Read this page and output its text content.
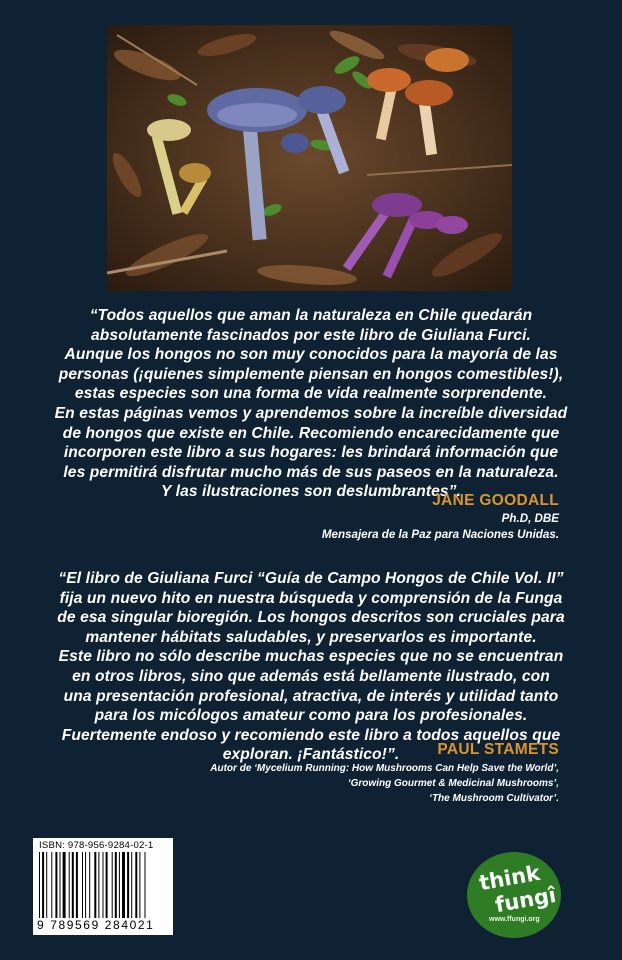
“Todos aquellos que aman la naturaleza en Chile quedarán

absolutamente fascinados por este libro de Giuliana Furci.

Aunque los hongos no son muy conocidos para la mayoría de las

personas (¡quienes simplemente piensan en hongos comestibles!),

estas especies son una forma de vida realmente sorprendente.

En estas páginas vemos y aprendemos sobre la increíble diversidad

de hongos que existe en Chile. Recomiendo encarecidamente que

incorporen este libro a sus hogares: les brindará información que

les permitirá disfrutar mucho más de sus paseos en la naturaleza.

Y las ilustraciones son deslumbrantes”.

JANE GOODALL
Ph.D, DBE
Mensajera de la Paz para Naciones Unidas.

“El libro de Giuliana Furci “Guía de Campo Hongos de Chile Vol. II”

fija un nuevo hito en nuestra búsqueda y comprensión de la Funga

de esa singular bioregión. Los hongos descritos son cruciales para

mantener hábitats saludables, y preservarlos es importante.

Este libro no sólo describe muchas especies que no se encuentran

en otros libros, sino que además está bellamente ilustrado, con

una presentación profesional, atractiva, de interés y utilidad tanto

para los micólogos amateur como para los profesionales.

Fuertemente endoso y recomiendo este libro a todos aquellos que

exploran. ¡Fantástico!”.	PAUL STAMETS
Autor de ‘Mycelium Running: How Mushrooms Can Help Save the World’,
‘Growing Gourmet & Medicinal Mushrooms’,
‘The Mushroom Cultivator’.
ISBN: 978-956-9284-02-1
9 789569 284021
think
fungî
www.ffungi.org
